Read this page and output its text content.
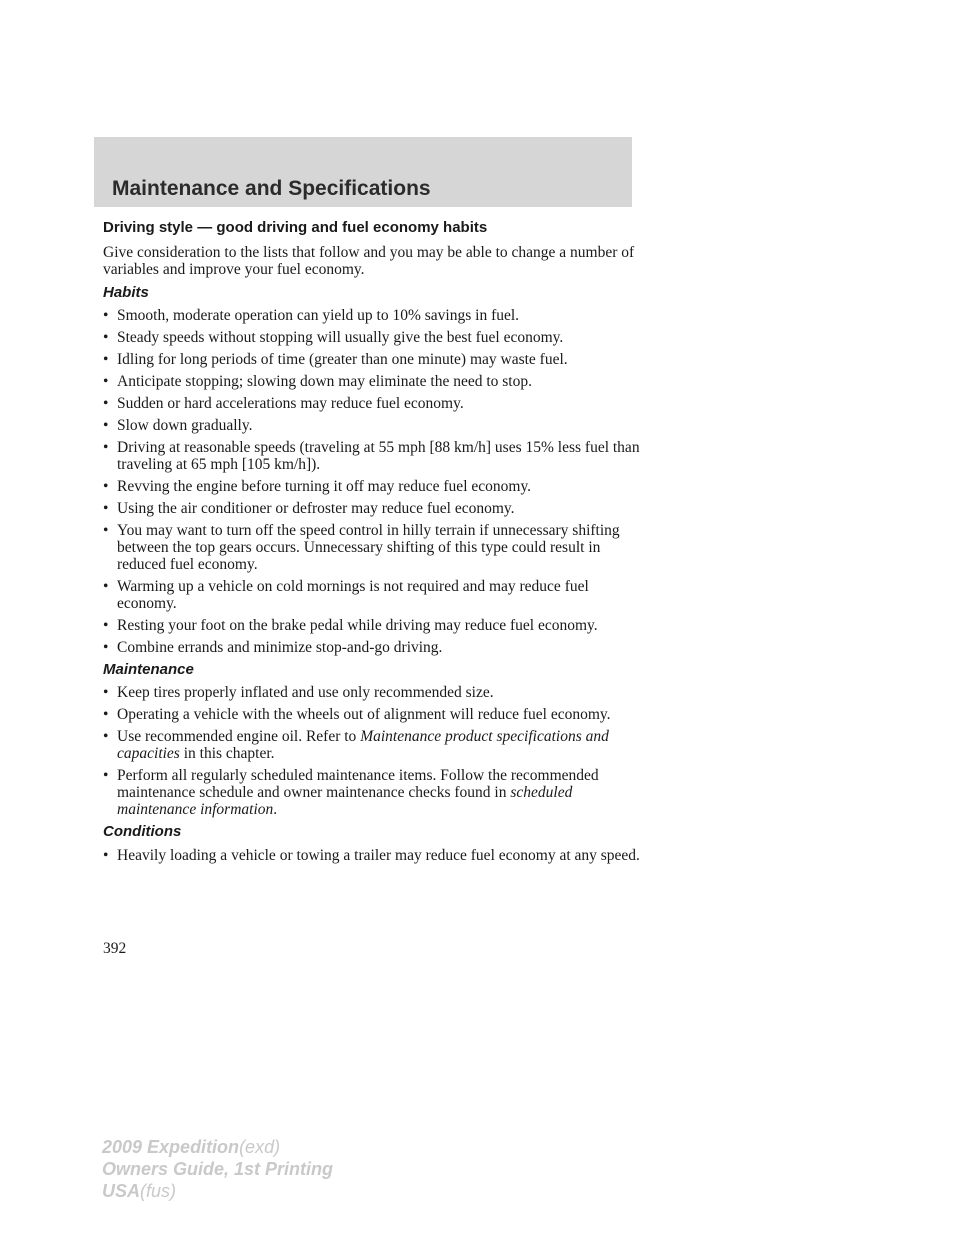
Maintenance and Specifications
Driving style — good driving and fuel economy habits

Give consideration to the lists that follow and you may be able to change a number of variables and improve your fuel economy.

Habits
• Smooth, moderate operation can yield up to 10% savings in fuel.
• Steady speeds without stopping will usually give the best fuel economy.
• Idling for long periods of time (greater than one minute) may waste fuel.
• Anticipate stopping; slowing down may eliminate the need to stop.
• Sudden or hard accelerations may reduce fuel economy.
• Slow down gradually.
• Driving at reasonable speeds (traveling at 55 mph [88 km/h] uses 15% less fuel than traveling at 65 mph [105 km/h]).
• Revving the engine before turning it off may reduce fuel economy.
• Using the air conditioner or defroster may reduce fuel economy.
• You may want to turn off the speed control in hilly terrain if unnecessary shifting between the top gears occurs. Unnecessary shifting of this type could result in reduced fuel economy.
• Warming up a vehicle on cold mornings is not required and may reduce fuel economy.
• Resting your foot on the brake pedal while driving may reduce fuel economy.
• Combine errands and minimize stop-and-go driving.
Maintenance
• Keep tires properly inflated and use only recommended size.
• Operating a vehicle with the wheels out of alignment will reduce fuel economy.
• Use recommended engine oil. Refer to Maintenance product specifications and capacities in this chapter.
• Perform all regularly scheduled maintenance items. Follow the recommended maintenance schedule and owner maintenance checks found in scheduled maintenance information.
Conditions
• Heavily loading a vehicle or towing a trailer may reduce fuel economy at any speed.
392
2009 Expedition(exd)
Owners Guide, 1st Printing
USA(fus)
